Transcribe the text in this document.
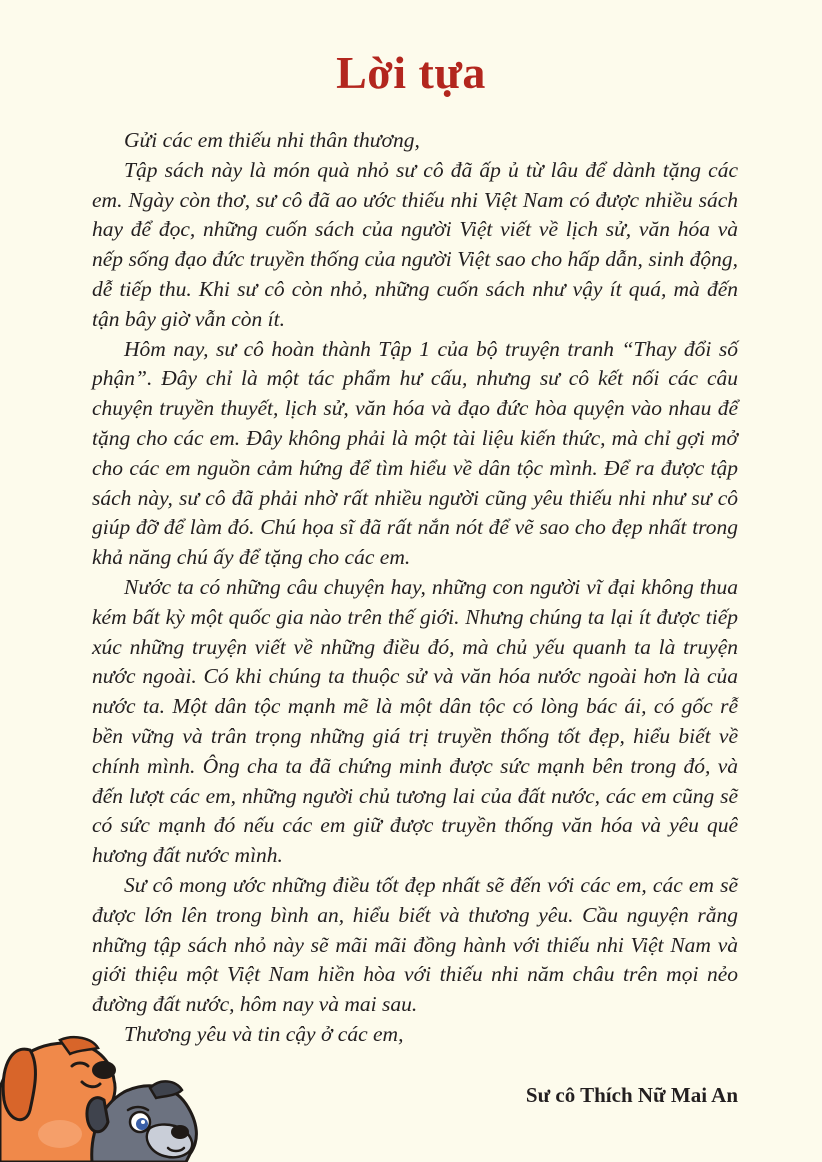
Lời tựa

Gửi các em thiếu nhi thân thương,

Tập sách này là món quà nhỏ sư cô đã ấp ủ từ lâu để dành tặng các em. Ngày còn thơ, sư cô đã ao ước thiếu nhi Việt Nam có được nhiều sách hay để đọc, những cuốn sách của người Việt viết về lịch sử, văn hóa và nếp sống đạo đức truyền thống của người Việt sao cho hấp dẫn, sinh động, dễ tiếp thu. Khi sư cô còn nhỏ, những cuốn sách như vậy ít quá, mà đến tận bây giờ vẫn còn ít.

Hôm nay, sư cô hoàn thành Tập 1 của bộ truyện tranh “Thay đổi số phận”. Đây chỉ là một tác phẩm hư cấu, nhưng sư cô kết nối các câu chuyện truyền thuyết, lịch sử, văn hóa và đạo đức hòa quyện vào nhau để tặng cho các em. Đây không phải là một tài liệu kiến thức, mà chỉ gợi mở cho các em nguồn cảm hứng để tìm hiểu về dân tộc mình. Để ra được tập sách này, sư cô đã phải nhờ rất nhiều người cũng yêu thiếu nhi như sư cô giúp đỡ để làm đó. Chú họa sĩ đã rất nắn nót để vẽ sao cho đẹp nhất trong khả năng chú ấy để tặng cho các em.

Nước ta có những câu chuyện hay, những con người vĩ đại không thua kém bất kỳ một quốc gia nào trên thế giới. Nhưng chúng ta lại ít được tiếp xúc những truyện viết về những điều đó, mà chủ yếu quanh ta là truyện nước ngoài. Có khi chúng ta thuộc sử và văn hóa nước ngoài hơn là của nước ta. Một dân tộc mạnh mẽ là một dân tộc có lòng bác ái, có gốc rễ bền vững và trân trọng những giá trị truyền thống tốt đẹp, hiểu biết về chính mình. Ông cha ta đã chứng minh được sức mạnh bên trong đó, và đến lượt các em, những người chủ tương lai của đất nước, các em cũng sẽ có sức mạnh đó nếu các em giữ được truyền thống văn hóa và yêu quê hương đất nước mình.

Sư cô mong ước những điều tốt đẹp nhất sẽ đến với các em, các em sẽ được lớn lên trong bình an, hiểu biết và thương yêu. Cầu nguyện rằng những tập sách nhỏ này sẽ mãi mãi đồng hành với thiếu nhi Việt Nam và giới thiệu một Việt Nam hiền hòa với thiếu nhi năm châu trên mọi nẻo đường đất nước, hôm nay và mai sau.

Thương yêu và tin cậy ở các em,

Sư cô Thích Nữ Mai An
